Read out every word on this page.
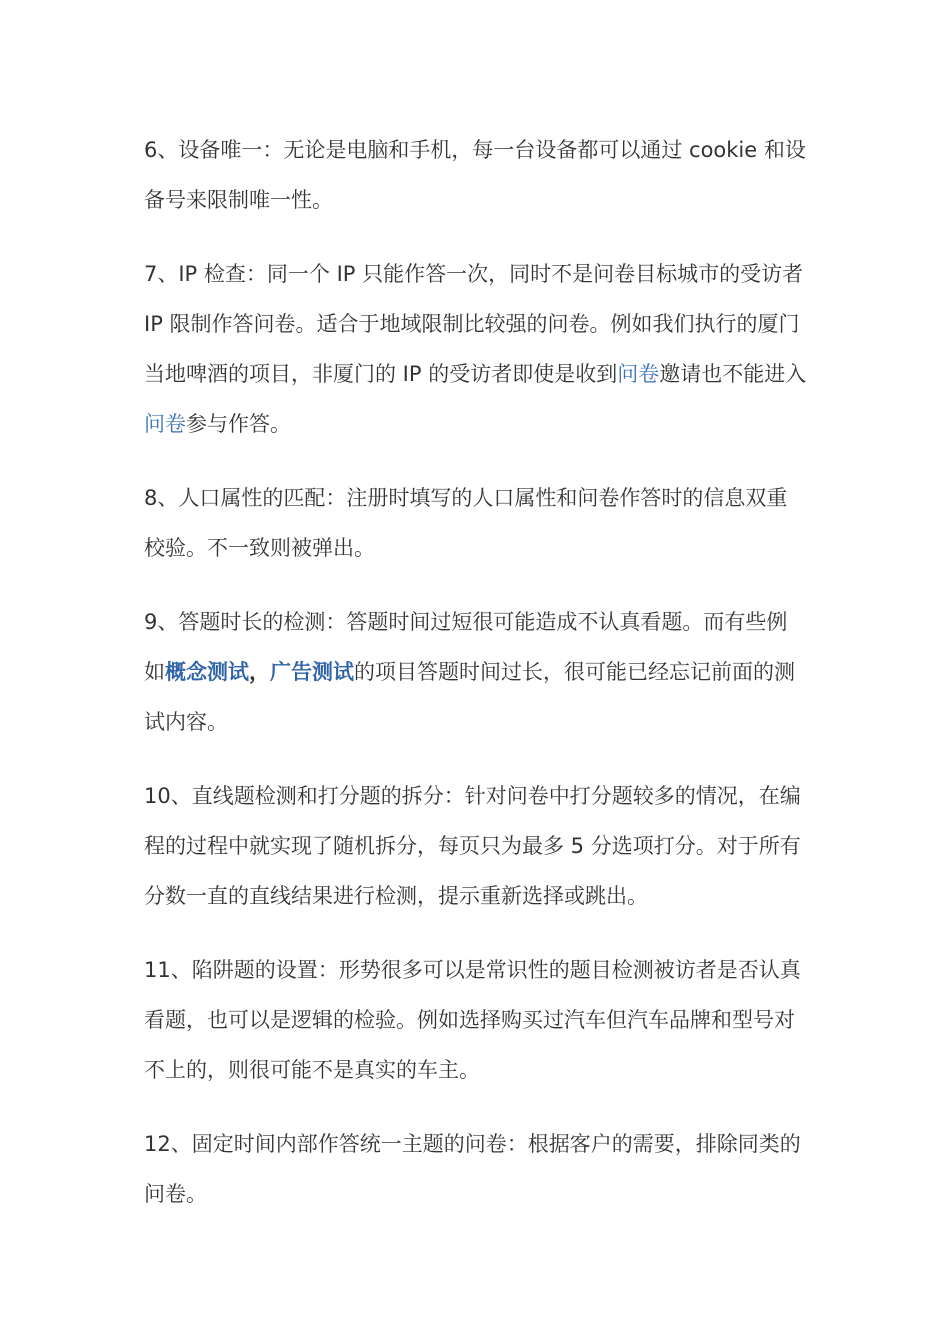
6、设备唯一：无论是电脑和手机，每一台设备都可以通过 cookie 和设备号来限制唯一性。

7、IP 检查：同一个 IP 只能作答一次，同时不是问卷目标城市的受访者 IP 限制作答问卷。适合于地域限制比较强的问卷。例如我们执行的厦门当地啤酒的项目，非厦门的 IP 的受访者即使是收到问卷邀请也不能进入问卷参与作答。

8、人口属性的匹配：注册时填写的人口属性和问卷作答时的信息双重校验。不一致则被弹出。

9、答题时长的检测：答题时间过短很可能造成不认真看题。而有些例如概念测试，广告测试的项目答题时间过长，很可能已经忘记前面的测试内容。

10、直线题检测和打分题的拆分：针对问卷中打分题较多的情况，在编程的过程中就实现了随机拆分，每页只为最多 5 分选项打分。对于所有分数一直的直线结果进行检测，提示重新选择或跳出。

11、陷阱题的设置：形势很多可以是常识性的题目检测被访者是否认真看题，也可以是逻辑的检验。例如选择购买过汽车但汽车品牌和型号对不上的，则很可能不是真实的车主。

12、固定时间内部作答统一主题的问卷：根据客户的需要，排除同类的问卷。
